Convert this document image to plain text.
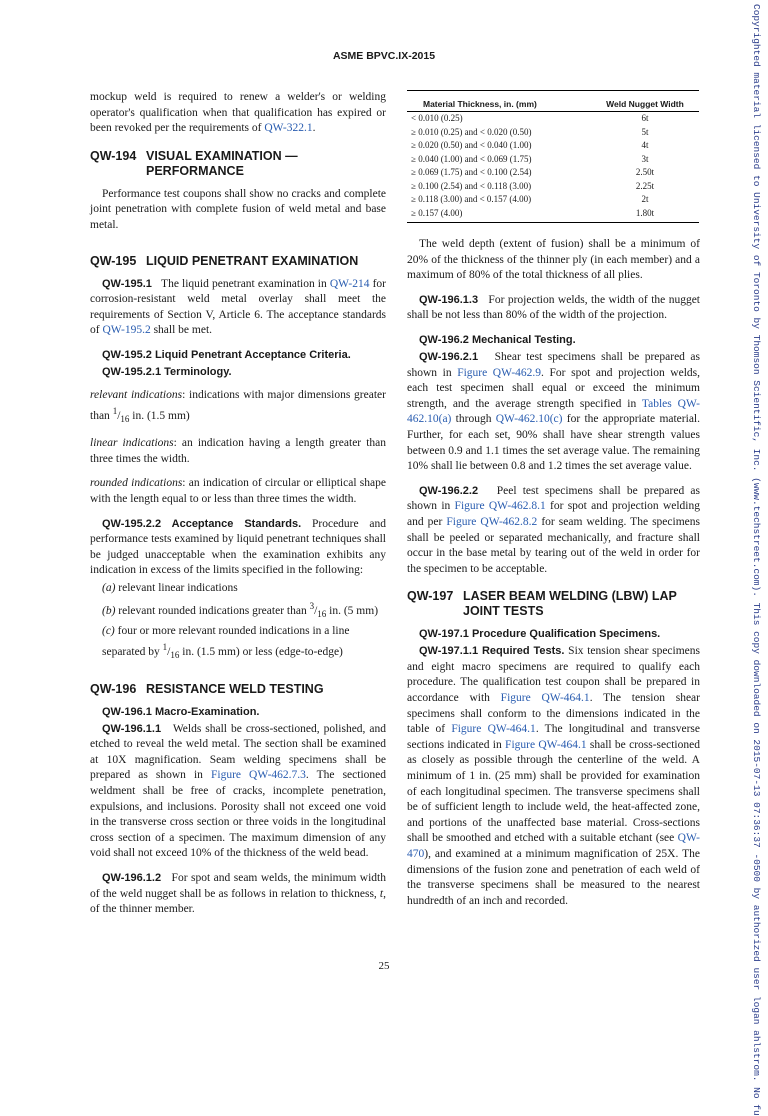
ASME BPVC.IX-2015

mockup weld is required to renew a welder's or welding operator's qualification when that qualification has expired or been revoked per the requirements of QW-322.1.

QW-194 VISUAL EXAMINATION — PERFORMANCE

Performance test coupons shall show no cracks and complete joint penetration with complete fusion of weld metal and base metal.

QW-195 LIQUID PENETRANT EXAMINATION

QW-195.1 The liquid penetrant examination in QW-214 for corrosion-resistant weld metal overlay shall meet the requirements of Section V, Article 6. The acceptance standards of QW-195.2 shall be met.

QW-195.2 Liquid Penetrant Acceptance Criteria.
QW-195.2.1 Terminology.

relevant indications: indications with major dimensions greater than $^1/_{16}$ in. (1.5 mm)

linear indications: an indication having a length greater than three times the width.

rounded indications: an indication of circular or elliptical shape with the length equal to or less than three times the width.

QW-195.2.2 Acceptance Standards. Procedure and performance tests examined by liquid penetrant techniques shall be judged unacceptable when the examination exhibits any indication in excess of the limits specified in the following:

(a) relevant linear indications
(b) relevant rounded indications greater than $^3/_{16}$ in. (5 mm)
(c) four or more relevant rounded indications in a line separated by $^1/_{16}$ in. (1.5 mm) or less (edge-to-edge)
QW-196 RESISTANCE WELD TESTING
QW-196.1 Macro-Examination.

QW-196.1.1 Welds shall be cross-sectioned, polished, and etched to reveal the weld metal. The section shall be examined at 10X magnification. Seam welding specimens shall be prepared as shown in Figure QW-462.7.3. The sectioned weldment shall be free of cracks, incomplete penetration, expulsions, and inclusions. Porosity shall not exceed one void in the transverse cross section or three voids in the longitudinal cross section of a specimen. The maximum dimension of any void shall not exceed 10% of the thickness of the weld bead.

QW-196.1.2 For spot and seam welds, the minimum width of the weld nugget shall be as follows in relation to thickness, t, of the thinner member.

Material Thickness, in. (mm)	Weld Nugget Width
< 0.010 (0.25)	6t
≥ 0.010 (0.25) and < 0.020 (0.50)	5t
≥ 0.020 (0.50) and < 0.040 (1.00)	4t
≥ 0.040 (1.00) and < 0.069 (1.75)	3t
≥ 0.069 (1.75) and < 0.100 (2.54)	2.50t
≥ 0.100 (2.54) and < 0.118 (3.00)	2.25t
≥ 0.118 (3.00) and < 0.157 (4.00)	2t
≥ 0.157 (4.00)	1.80t

The weld depth (extent of fusion) shall be a minimum of 20% of the thickness of the thinner ply (in each member) and a maximum of 80% of the total thickness of all plies.

QW-196.1.3 For projection welds, the width of the nugget shall be not less than 80% of the width of the projection.

QW-196.2 Mechanical Testing.

QW-196.2.1 Shear test specimens shall be prepared as shown in Figure QW-462.9. For spot and projection welds, each test specimen shall equal or exceed the minimum strength, and the average strength specified in Tables QW-462.10(a) through QW-462.10(c) for the appropriate material. Further, for each set, 90% shall have shear strength values between 0.9 and 1.1 times the set average value. The remaining 10% shall lie between 0.8 and 1.2 times the set average value.

QW-196.2.2 Peel test specimens shall be prepared as shown in Figure QW-462.8.1 for spot and projection welding and per Figure QW-462.8.2 for seam welding. The specimens shall be peeled or separated mechanically, and fracture shall occur in the base metal by tearing out of the weld in order for the specimen to be acceptable.

QW-197 LASER BEAM WELDING (LBW) LAP JOINT TESTS
QW-197.1 Procedure Qualification Specimens.

QW-197.1.1 Required Tests. Six tension shear specimens and eight macro specimens are required to qualify each procedure. The qualification test coupon shall be prepared in accordance with Figure QW-464.1. The tension shear specimens shall conform to the dimensions indicated in the table of Figure QW-464.1. The longitudinal and transverse sections indicated in Figure QW-464.1 shall be cross-sectioned as closely as possible through the centerline of the weld. A minimum of 1 in. (25 mm) shall be provided for examination of each longitudinal specimen. The transverse specimens shall be of sufficient length to include weld, the heat-affected zone, and portions of the unaffected base material. Cross-sections shall be smoothed and etched with a suitable etchant (see QW-470), and examined at a minimum magnification of 25X. The dimensions of the fusion zone and penetration of each weld of the transverse specimens shall be measured to the nearest hundredth of an inch and recorded.

25	Copyrighted material licensed to University of Toronto by Thomson Scientific, Inc. (www.techstreet.com). This copy downloaded on 2015-07-13 07:36:37 -0500 by authorized user logan ahlstrom. No fu
